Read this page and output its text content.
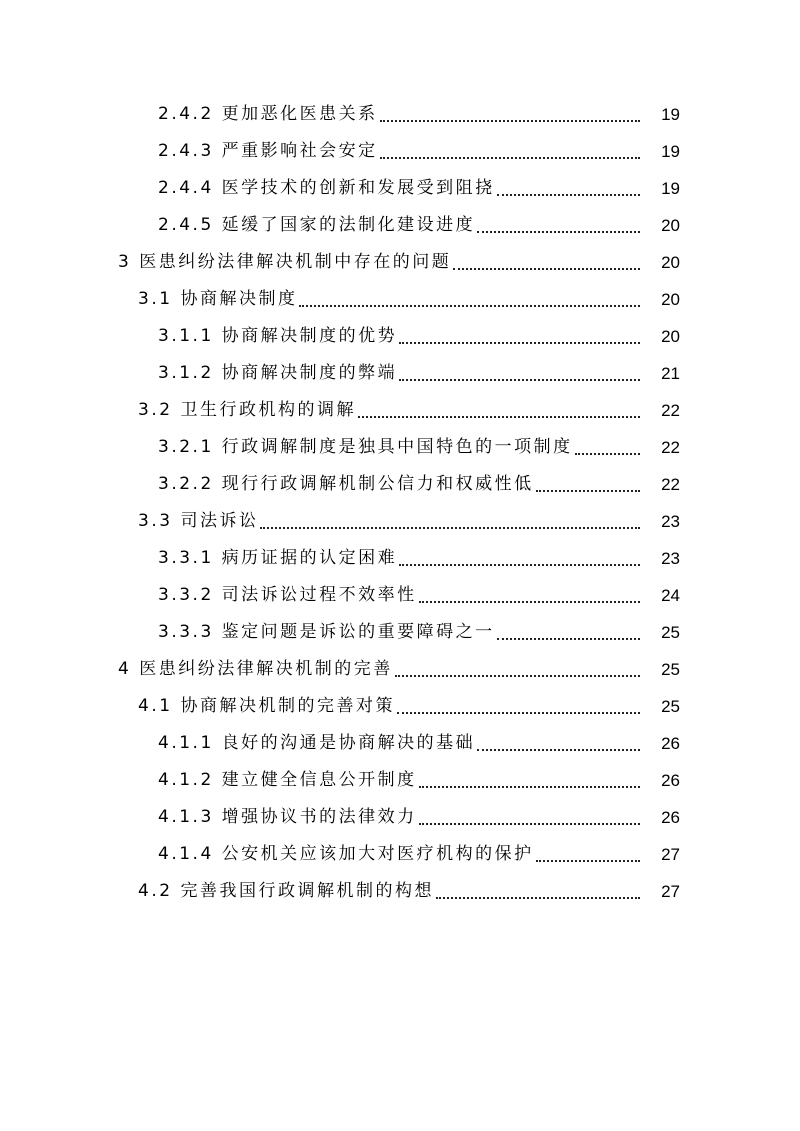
2.4.2 更加恶化医患关系	19
2.4.3 严重影响社会安定	19
2.4.4 医学技术的创新和发展受到阻挠	19
2.4.5 延缓了国家的法制化建设进度	20
3 医患纠纷法律解决机制中存在的问题	20
3.1 协商解决制度	20
3.1.1 协商解决制度的优势	20
3.1.2 协商解决制度的弊端	21
3.2 卫生行政机构的调解	22
3.2.1 行政调解制度是独具中国特色的一项制度	22
3.2.2 现行行政调解机制公信力和权威性低	22
3.3 司法诉讼	23
3.3.1 病历证据的认定困难	23
3.3.2 司法诉讼过程不效率性	24
3.3.3 鉴定问题是诉讼的重要障碍之一	25
4 医患纠纷法律解决机制的完善	25
4.1 协商解决机制的完善对策	25
4.1.1 良好的沟通是协商解决的基础	26
4.1.2 建立健全信息公开制度	26
4.1.3 增强协议书的法律效力	26
4.1.4 公安机关应该加大对医疗机构的保护	27
4.2 完善我国行政调解机制的构想	27
